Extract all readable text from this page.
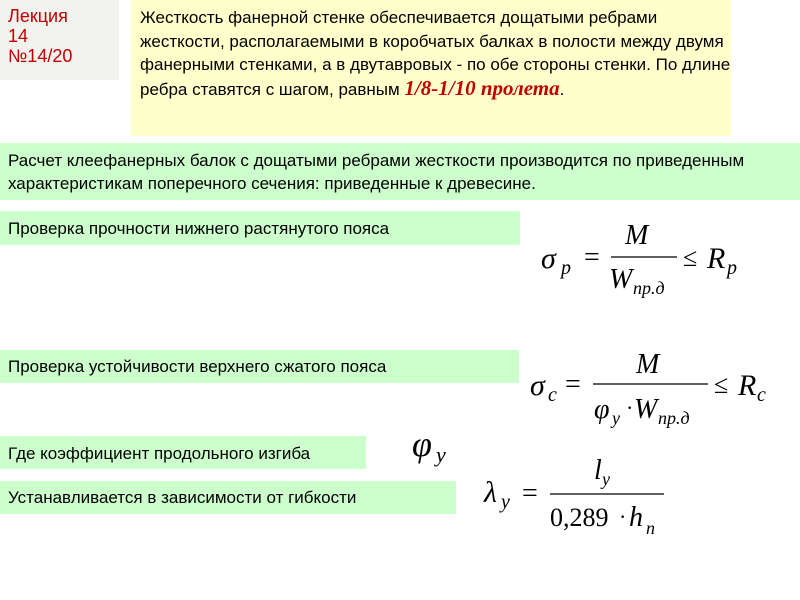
Лекция
14
№14/20
Жесткость фанерной стенке обеспечивается дощатыми ребрами жесткости, располагаемыми в коробчатых балках в полости между двумя фанерными стенками, а в двутавровых - по обе стороны стенки. По длине ребра ставятся с шагом, равным 1/8-1/10 пролета.
Расчет клеефанерных балок с дощатыми ребрами жесткости производится по приведенным характеристикам поперечного сечения: приведенные к древесине.
Проверка прочности нижнего растянутого пояса
Проверка устойчивости верхнего сжатого пояса
Где коэффициент продольного изгиба
Устанавливается в зависимости от гибкости
σ р =
M
W пр.д
≤ R р
σ с =
M
φ y · W пр.д
≤ R c
φ y
λ y =
l y
0,289 · h n
